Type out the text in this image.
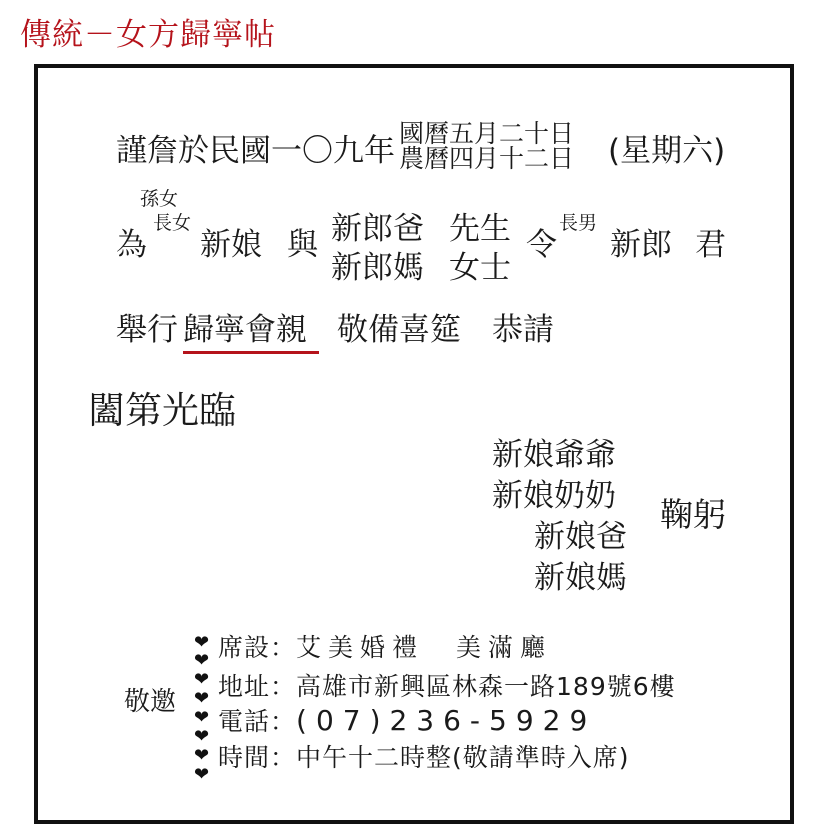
傳統－女方歸寧帖
謹詹於民國一〇九年 國曆五月二十日
農曆四月十二日 (星期六)
孫女
為
長女
新娘 與 新郎爸
新郎媽
先生
女士
令
長男
新郎 君
舉行 歸寧會親 敬備喜筵　恭請
闔第光臨
新娘爺爺
新娘奶奶
新娘爸
新娘媽
鞠躬
敬邀
❤
❤
❤
❤
❤
❤
❤
❤
席設：艾美婚禮　美滿廳
地址：高雄市新興區林森一路189號6樓
電話：(07)236-5929
時間：中午十二時整(敬請準時入席)
